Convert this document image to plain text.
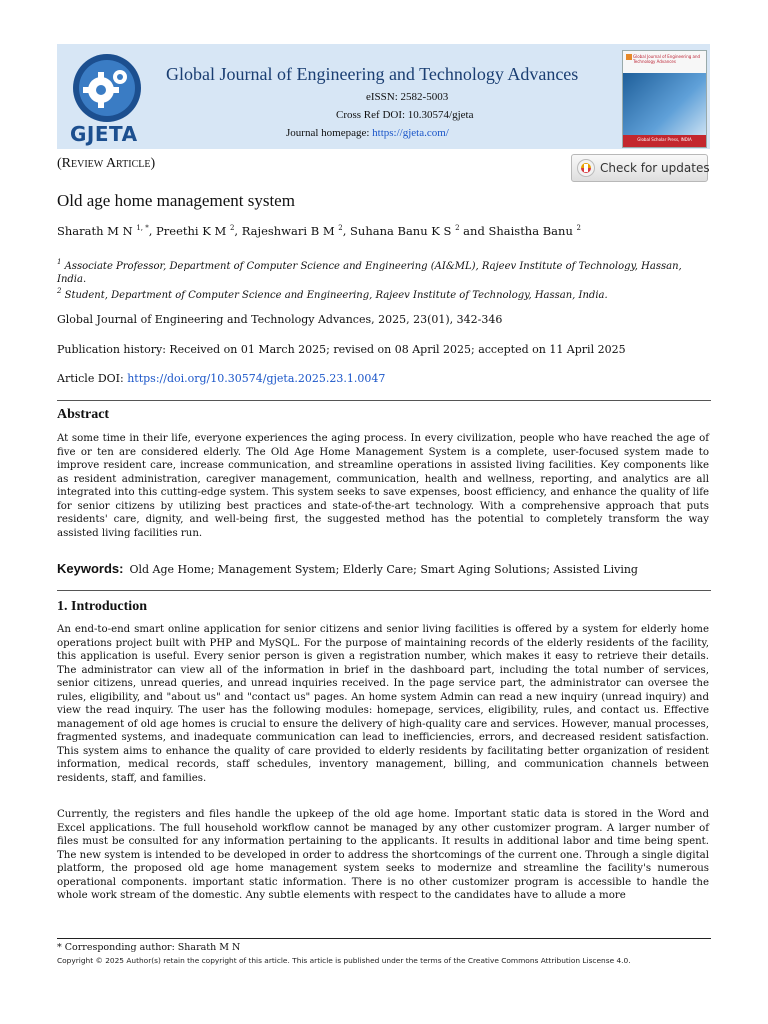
GJETA
Global Journal of Engineering and Technology Advances
eISSN: 2582-5003
Cross Ref DOI: 10.30574/gjeta
Journal homepage: https://gjeta.com/
Global Journal of Engineering and Technology Advances
Global Scholar Press, INDIA
(Review Article)	Check for updates
Old age home management system
Sharath M N $^{1, *}$, Preethi K M $^2$, Rajeshwari B M $^2$, Suhana Banu K S $^2$ and Shaistha Banu $^2$
$^1$ Associate Professor, Department of Computer Science and Engineering (AI&ML), Rajeev Institute of Technology, Hassan, India.
$^2$ Student, Department of Computer Science and Engineering, Rajeev Institute of Technology, Hassan, India.
Global Journal of Engineering and Technology Advances, 2025, 23(01), 342-346
Publication history: Received on 01 March 2025; revised on 08 April 2025; accepted on 11 April 2025
Article DOI: https://doi.org/10.30574/gjeta.2025.23.1.0047
Abstract
At some time in their life, everyone experiences the aging process. In every civilization, people who have reached the age of five or ten are considered elderly. The Old Age Home Management System is a complete, user-focused system made to improve resident care, increase communication, and streamline operations in assisted living facilities. Key components like as resident administration, caregiver management, communication, health and wellness, reporting, and analytics are all integrated into this cutting-edge system. This system seeks to save expenses, boost efficiency, and enhance the quality of life for senior citizens by utilizing best practices and state-of-the-art technology. With a comprehensive approach that puts residents' care, dignity, and well-being first, the suggested method has the potential to completely transform the way assisted living facilities run.
Keywords: Old Age Home; Management System; Elderly Care; Smart Aging Solutions; Assisted Living
1. Introduction
An end-to-end smart online application for senior citizens and senior living facilities is offered by a system for elderly home operations project built with PHP and MySQL. For the purpose of maintaining records of the elderly residents of the facility, this application is useful. Every senior person is given a registration number, which makes it easy to retrieve their details. The administrator can view all of the information in brief in the dashboard part, including the total number of services, senior citizens, unread queries, and unread inquiries received. In the page service part, the administrator can oversee the rules, eligibility, and "about us" and "contact us" pages. An home system Admin can read a new inquiry (unread inquiry) and view the read inquiry. The user has the following modules: homepage, services, eligibility, rules, and contact us. Effective management of old age homes is crucial to ensure the delivery of high-quality care and services. However, manual processes, fragmented systems, and inadequate communication can lead to inefficiencies, errors, and decreased resident satisfaction. This system aims to enhance the quality of care provided to elderly residents by facilitating better organization of resident information, medical records, staff schedules, inventory management, billing, and communication channels between residents, staff, and families.
Currently, the registers and files handle the upkeep of the old age home. Important static data is stored in the Word and Excel applications. The full household workflow cannot be managed by any other customizer program. A larger number of files must be consulted for any information pertaining to the applicants. It results in additional labor and time being spent. The new system is intended to be developed in order to address the shortcomings of the current one. Through a single digital platform, the proposed old age home management system seeks to modernize and streamline the facility's numerous operational components. important static information. There is no other customizer program is accessible to handle the whole work stream of the domestic. Any subtle elements with respect to the candidates have to allude a more
* Corresponding author: Sharath M N
Copyright © 2025 Author(s) retain the copyright of this article. This article is published under the terms of the Creative Commons Attribution Liscense 4.0.
